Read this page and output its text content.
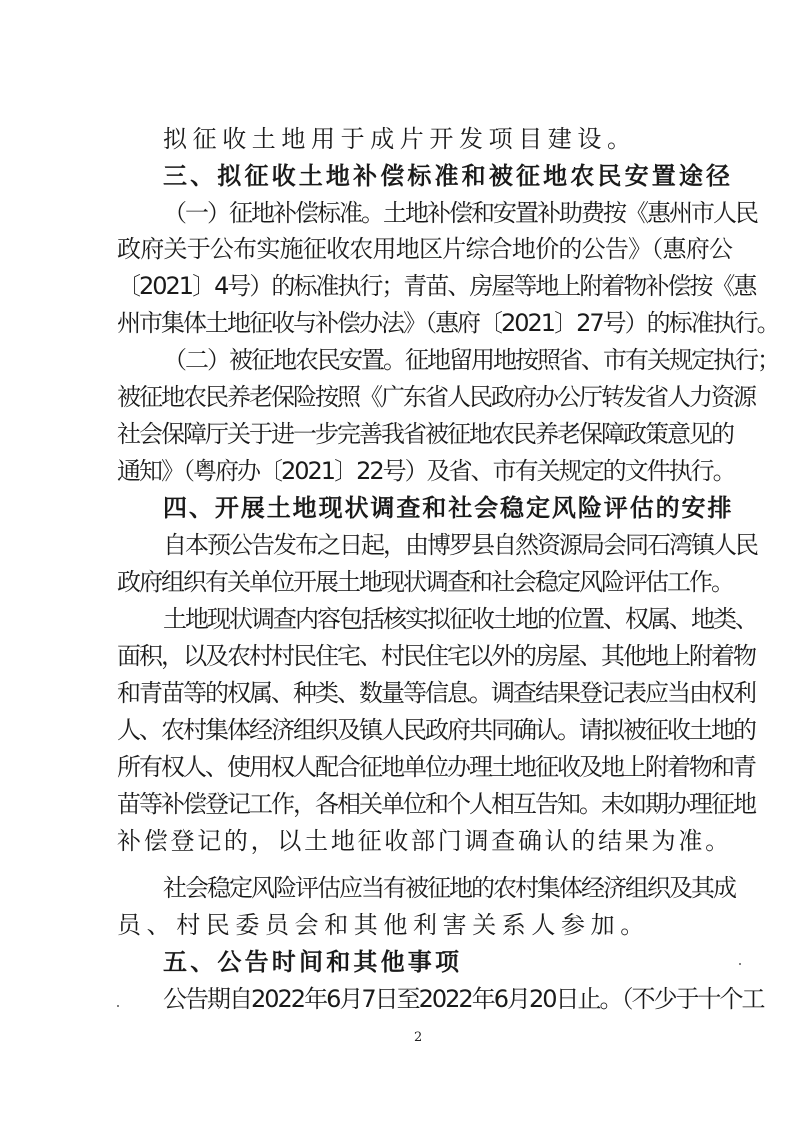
拟征收土地用于成片开发项目建设。
三、拟征收土地补偿标准和被征地农民安置途径
（一）征地补偿标准。土地补偿和安置补助费按《惠州市人民
政府关于公布实施征收农用地区片综合地价的公告》（惠府公
〔2021〕4号）的标准执行；青苗、房屋等地上附着物补偿按《惠
州市集体土地征收与补偿办法》（惠府〔2021〕27号）的标准执行。
（二）被征地农民安置。征地留用地按照省、市有关规定执行；
被征地农民养老保险按照《广东省人民政府办公厅转发省人力资源
社会保障厅关于进一步完善我省被征地农民养老保障政策意见的
通知》（粤府办〔2021〕22号）及省、市有关规定的文件执行。
四、开展土地现状调查和社会稳定风险评估的安排
自本预公告发布之日起，由博罗县自然资源局会同石湾镇人民
政府组织有关单位开展土地现状调查和社会稳定风险评估工作。
土地现状调查内容包括核实拟征收土地的位置、权属、地类、
面积，以及农村村民住宅、村民住宅以外的房屋、其他地上附着物
和青苗等的权属、种类、数量等信息。调查结果登记表应当由权利
人、农村集体经济组织及镇人民政府共同确认。请拟被征收土地的
所有权人、使用权人配合征地单位办理土地征收及地上附着物和青
苗等补偿登记工作，各相关单位和个人相互告知。未如期办理征地
补偿登记的，以土地征收部门调查确认的结果为准。
社会稳定风险评估应当有被征地的农村集体经济组织及其成
员、村民委员会和其他利害关系人参加。
五、公告时间和其他事项
公告期自2022年6月7日至2022年6月20日止。（不少于十个工
2
